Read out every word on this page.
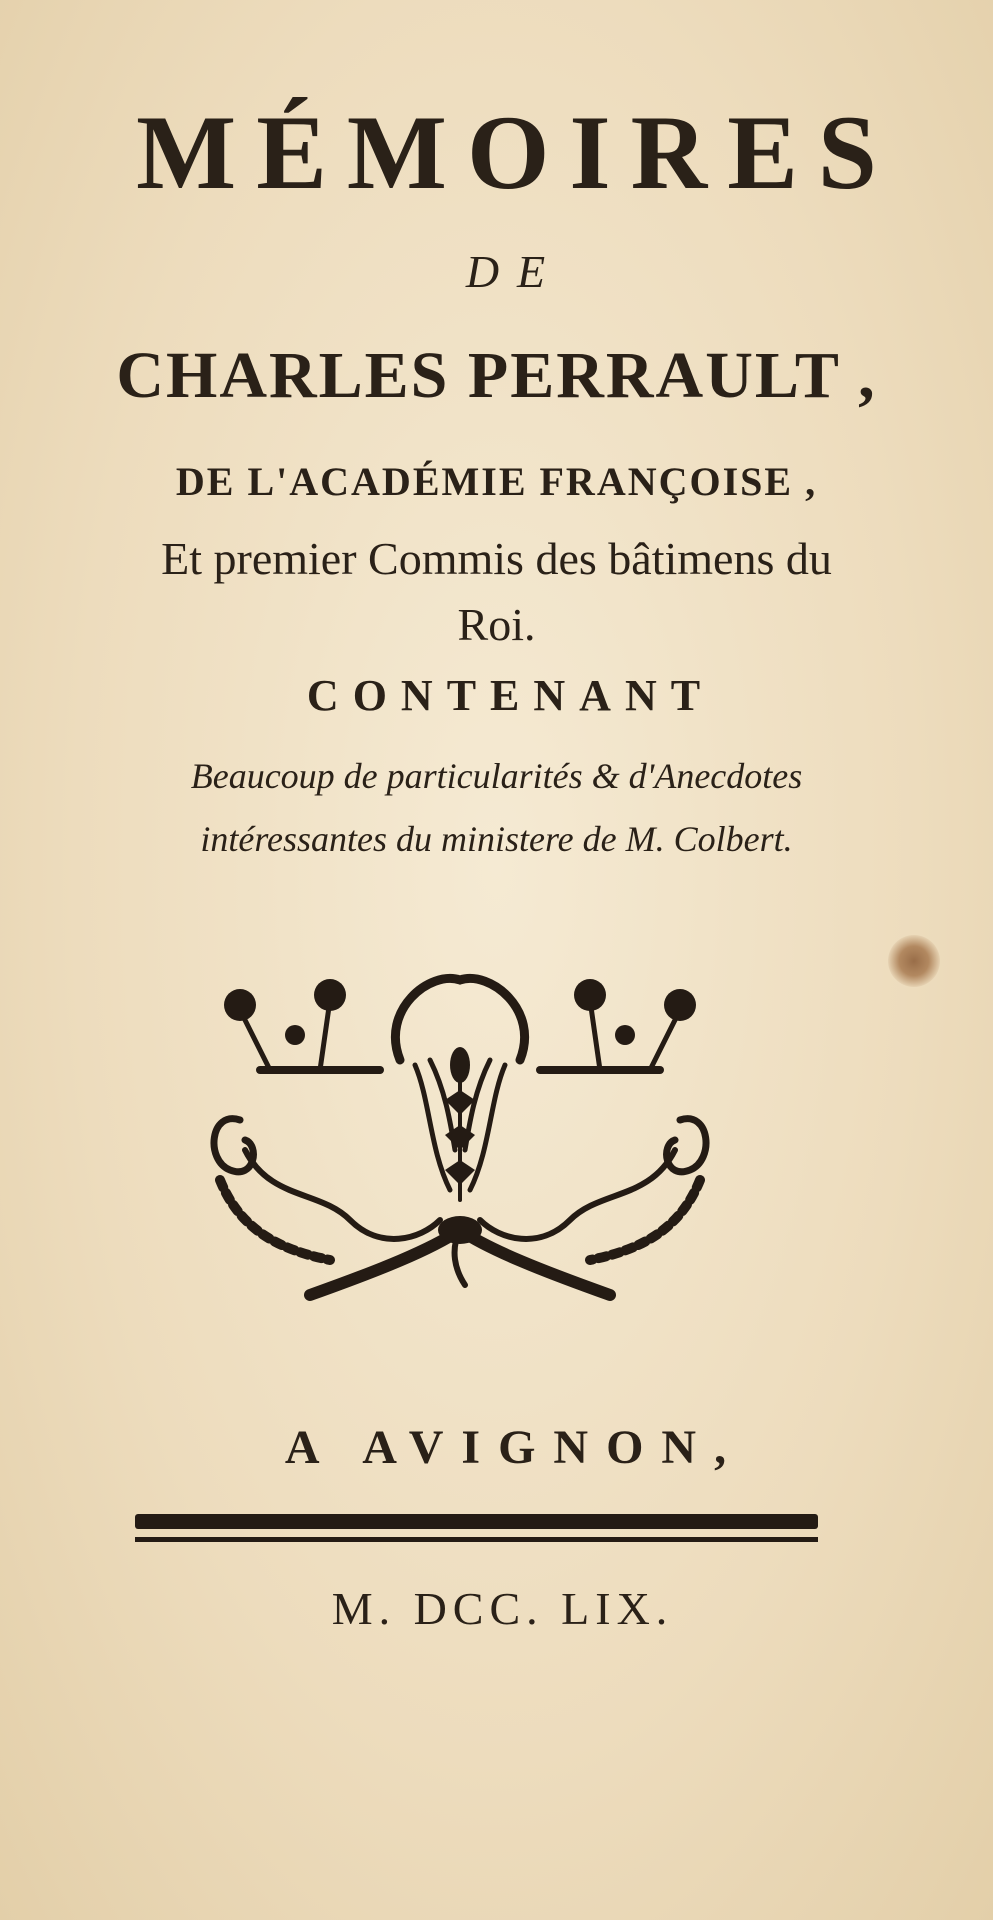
MÉMOIRES
DE
CHARLES PERRAULT ,
DE L'ACADÉMIE FRANÇOISE ,
Et premier Commis des bâtimens du
Roi.
CONTENANT
Beaucoup de particularités & d'Anecdotes
intéressantes du ministere de M. Colbert.
A AVIGNON,
M. DCC. LIX.
